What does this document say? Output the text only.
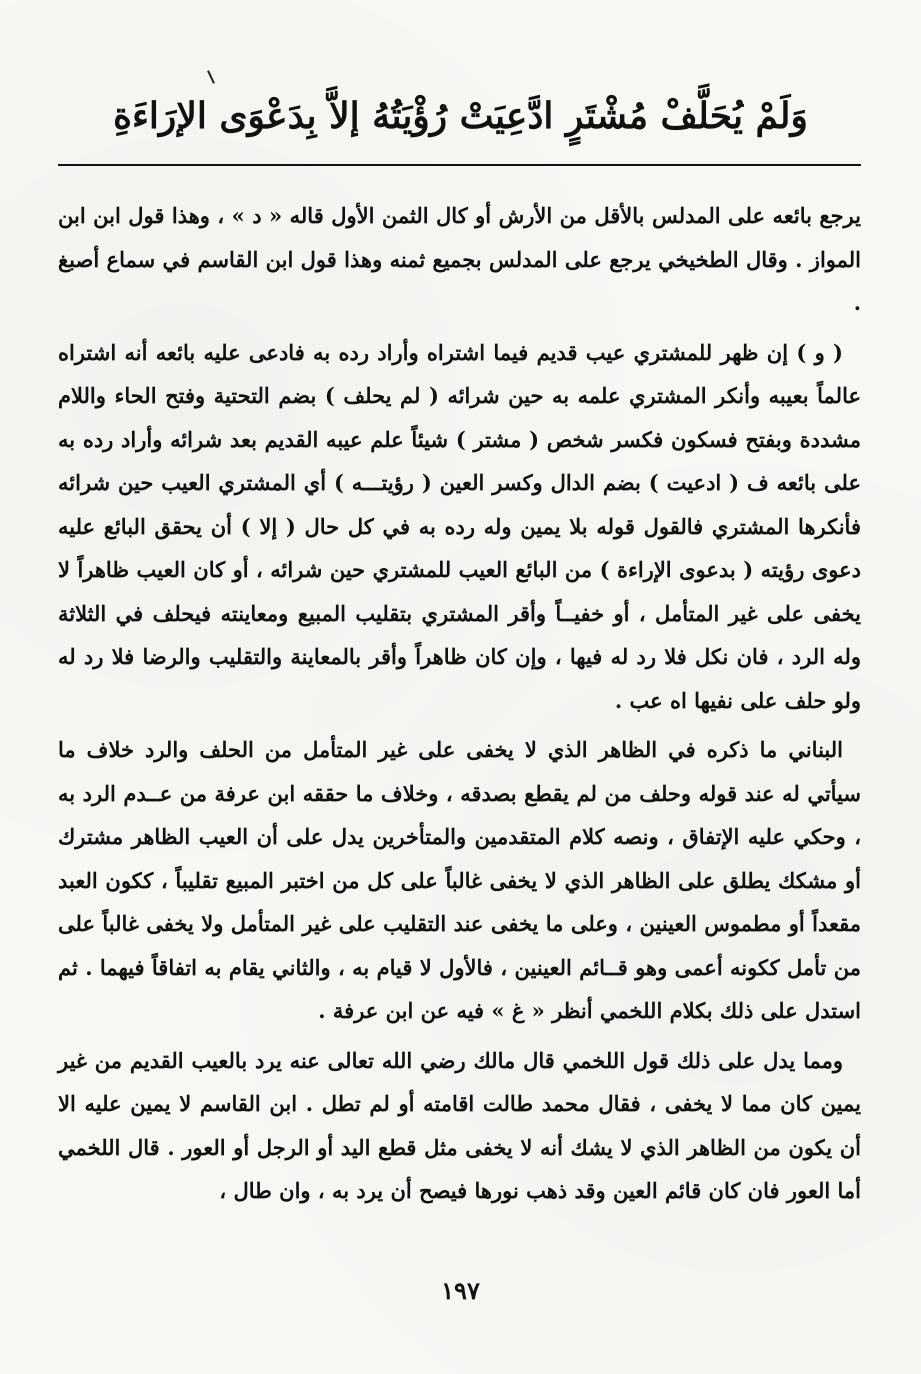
وَلَمْ يُحَلَّفْ مُشْتَرٍ ادَّعِيَتْ رُؤْيَتُهُ إلاَّ بِدَعْوَى الإرَاءَةِ

يرجع بائعه على المدلس بالأقل من الأرش أو كال الثمن الأول قاله « د » ، وهذا قول ابن ابن المواز . وقال الطخيخي يرجع على المدلس بجميع ثمنه وهذا قول ابن القاسم في سماع أصبغ .

( و ) إن ظهر للمشتري عيب قديم فيما اشتراه وأراد رده به فادعى عليه بائعه أنه اشتراه عالماً بعيبه وأنكر المشتري علمه به حين شرائه ( لم يحلف ) بضم التحتية وفتح الحاء واللام مشددة وبفتح فسكون فكسر شخص ( مشتر ) شيئاً علم عيبه القديم بعد شرائه وأراد رده به على بائعه ف ( ادعيت ) بضم الدال وكسر العين ( رؤيتـــه ) أي المشتري العيب حين شرائه فأنكرها المشتري فالقول قوله بلا يمين وله رده به في كل حال ( إلا ) أن يحقق البائع عليه دعوى رؤيته ( بدعوى الإراءة ) من البائع العيب للمشتري حين شرائه ، أو كان العيب ظاهراً لا يخفى على غير المتأمل ، أو خفيــاً وأقر المشتري بتقليب المبيع ومعاينته فيحلف في الثلاثة وله الرد ، فان نكل فلا رد له فيها ، وإن كان ظاهراً وأقر بالمعاينة والتقليب والرضا فلا رد له ولو حلف على نفيها اه عب .

البناني ما ذكره في الظاهر الذي لا يخفى على غير المتأمل من الحلف والرد خلاف ما سيأتي له عند قوله وحلف من لم يقطع بصدقه ، وخلاف ما حققه ابن عرفة من عــدم الرد به ، وحكي عليه الإتفاق ، ونصه كلام المتقدمين والمتأخرين يدل على أن العيب الظاهر مشترك أو مشكك يطلق على الظاهر الذي لا يخفى غالباً على كل من اختبر المبيع تقليباً ، ككون العبد مقعداً أو مطموس العينين ، وعلى ما يخفى عند التقليب على غير المتأمل ولا يخفى غالباً على من تأمل ككونه أعمى وهو قــائم العينين ، فالأول لا قيام به ، والثاني يقام به اتفاقاً فيهما . ثم استدل على ذلك بكلام اللخمي أنظر « غ » فيه عن ابن عرفة .

ومما يدل على ذلك قول اللخمي قال مالك رضي الله تعالى عنه يرد بالعيب القديم من غير يمين كان مما لا يخفى ، فقال محمد طالت اقامته أو لم تطل . ابن القاسم لا يمين عليه الا أن يكون من الظاهر الذي لا يشك أنه لا يخفى مثل قطع اليد أو الرجل أو العور . قال اللخمي أما العور فان كان قائم العين وقد ذهب نورها فيصح أن يرد به ، وان طال ،

١٩٧
